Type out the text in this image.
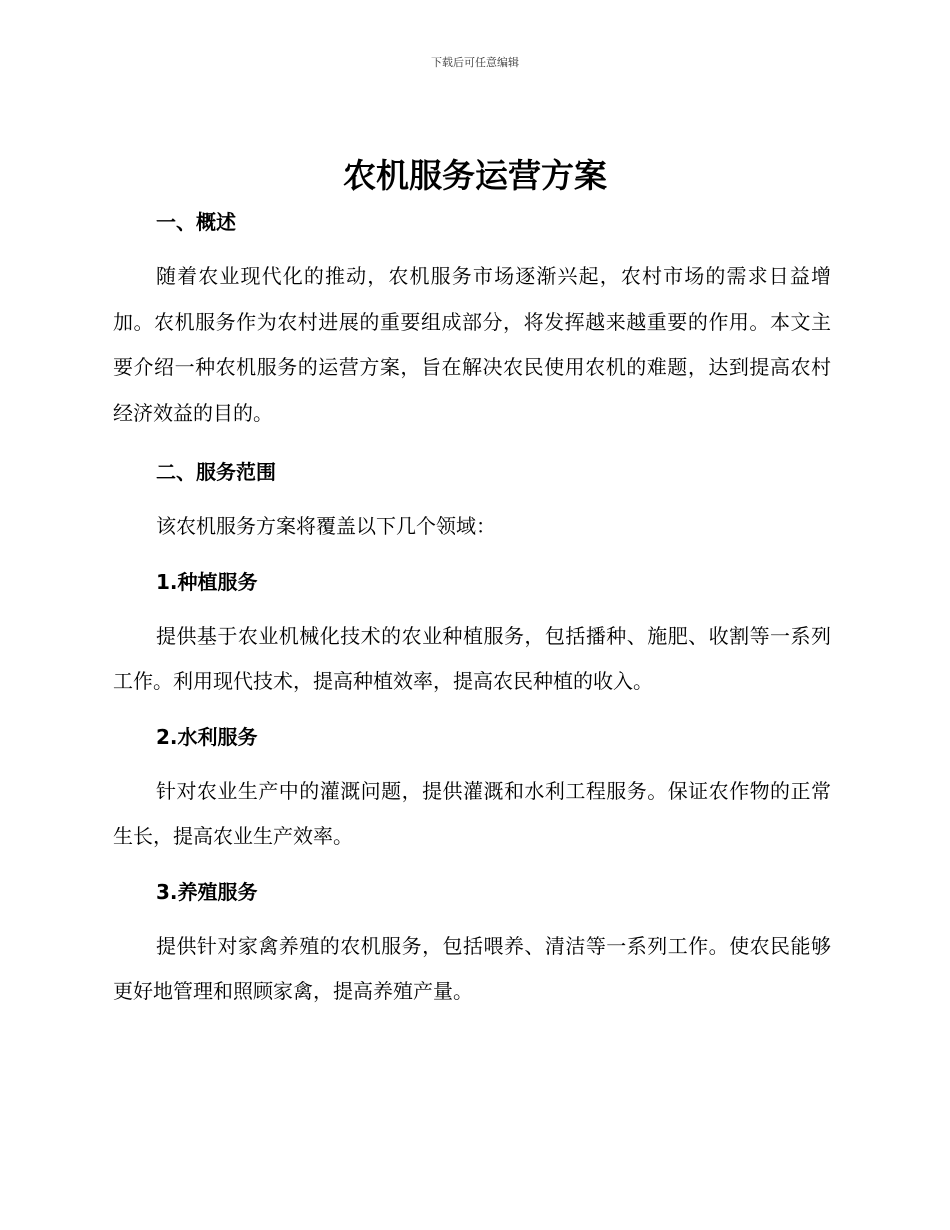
下载后可任意编辑
农机服务运营方案
一、概述

随着农业现代化的推动，农机服务市场逐渐兴起，农村市场的需求日益增加。农机服务作为农村进展的重要组成部分，将发挥越来越重要的作用。本文主要介绍一种农机服务的运营方案，旨在解决农民使用农机的难题，达到提高农村经济效益的目的。

二、服务范围

该农机服务方案将覆盖以下几个领域：

1.种植服务

提供基于农业机械化技术的农业种植服务，包括播种、施肥、收割等一系列工作。利用现代技术，提高种植效率，提高农民种植的收入。

2.水利服务

针对农业生产中的灌溉问题，提供灌溉和水利工程服务。保证农作物的正常生长，提高农业生产效率。

3.养殖服务

提供针对家禽养殖的农机服务，包括喂养、清洁等一系列工作。使农民能够更好地管理和照顾家禽，提高养殖产量。
